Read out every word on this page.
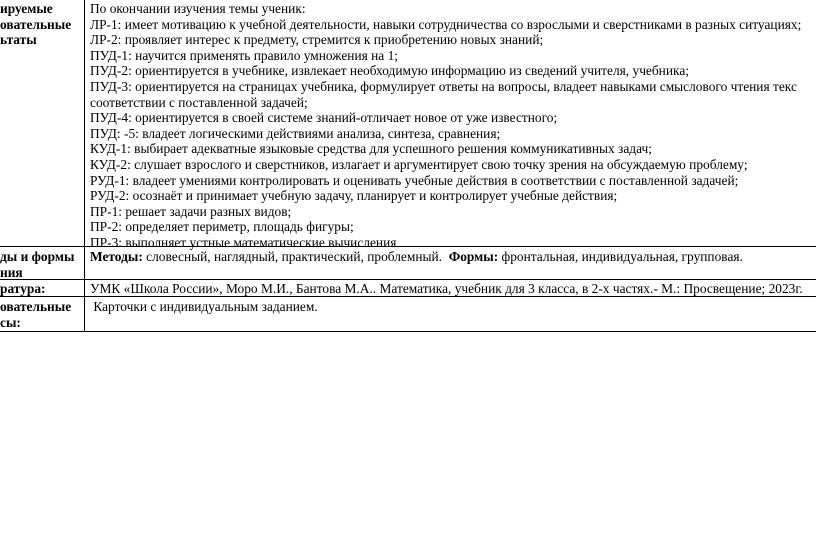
ируемые
овательные
ьтаты
По окончании изучения темы ученик:
ЛР-1: имеет мотивацию к учебной деятельности, навыки сотрудничества со взрослыми и сверстниками в разных ситуациях;
ЛР-2: проявляет интерес к предмету, стремится к приобретению новых знаний;
ПУД-1: научится применять правило умножения на 1;
ПУД-2: ориентируется в учебнике, извлекает необходимую информацию из сведений учителя, учебника;
ПУД-3: ориентируется на страницах учебника, формулирует ответы на вопросы, владеет навыками смыслового чтения текс
соответствии с поставленной задачей;
ПУД-4: ориентируется в своей системе знаний-отличает новое от уже известного;
ПУД: -5: владеет логическими действиями анализа, синтеза, сравнения;
КУД-1: выбирает адекватные языковые средства для успешного решения коммуникативных задач;
КУД-2: слушает взрослого и сверстников, излагает и аргументирует свою точку зрения на обсуждаемую проблему;
РУД-1: владеет умениями контролировать и оценивать учебные действия в соответствии с поставленной задачей;
РУД-2: осознаёт и принимает учебную задачу, планирует и контролирует учебные действия;
ПР-1: решает задачи разных видов;
ПР-2: определяет периметр, площадь фигуры;
ПР-3: выполняет устные математические вычисления
ды и формы
ния
Методы: словесный, наглядный, практический, проблемный.  Формы: фронтальная, индивидуальная, групповая.
ратура:	УМК «Школа России», Моро М.И., Бантова М.А.. Математика, учебник для 3 класса, в 2-х частях.- М.: Просвещение; 2023г.
овательные
сы:
Карточки с индивидуальным заданием.
